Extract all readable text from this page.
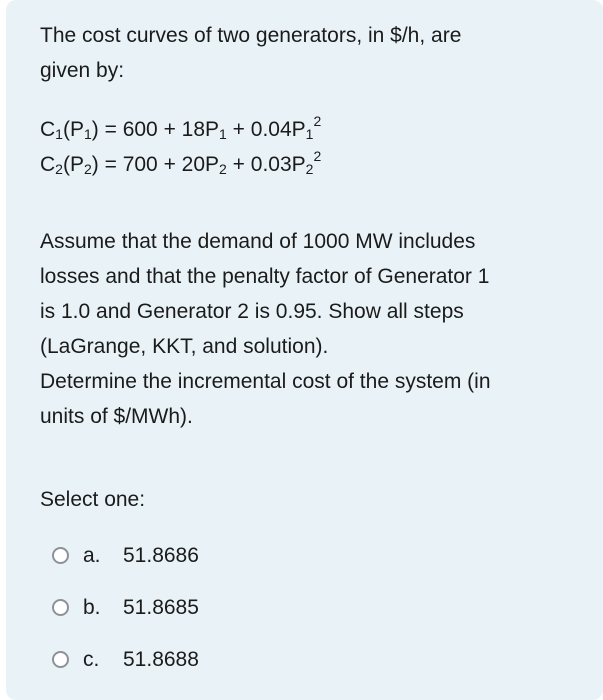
The cost curves of two generators, in $/h, are

given by:

$C_1(P_1) = 600 + 18P_1 + 0.04P_1^2$

$C_2(P_2) = 700 + 20P_2 + 0.03P_2^2$

Assume that the demand of 1000 MW includes

losses and that the penalty factor of Generator 1

is 1.0 and Generator 2 is 0.95. Show all steps

(LaGrange, KKT, and solution).

Determine the incremental cost of the system (in

units of $/MWh).

Select one:

a.	51.8686
b.	51.8685
c.	51.8688
